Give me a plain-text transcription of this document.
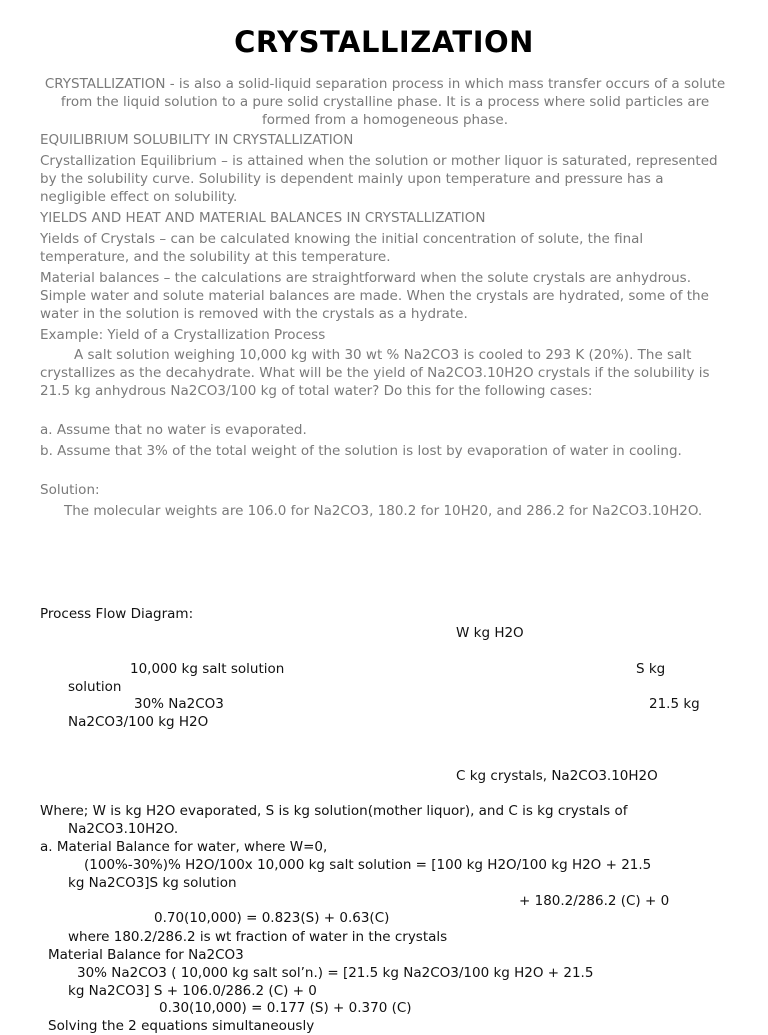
CRYSTALLIZATION

CRYSTALLIZATION - is also a solid-liquid separation process in which mass transfer occurs of a solute from the liquid solution to a pure solid crystalline phase. It is a process where solid particles are formed from a homogeneous phase.

EQUILIBRIUM SOLUBILITY IN CRYSTALLIZATION

Crystallization Equilibrium – is attained when the solution or mother liquor is saturated, represented by the solubility curve. Solubility is dependent mainly upon temperature and pressure has a negligible effect on solubility.

YIELDS AND HEAT AND MATERIAL BALANCES IN CRYSTALLIZATION

Yields of Crystals – can be calculated knowing the initial concentration of solute, the final temperature, and the solubility at this temperature.

Material balances – the calculations are straightforward when the solute crystals are anhydrous. Simple water and solute material balances are made. When the crystals are hydrated, some of the water in the solution is removed with the crystals as a hydrate.

Example: Yield of a Crystallization Process

A salt solution weighing 10,000 kg with 30 wt % Na2CO3 is cooled to 293 K (20%). The salt crystallizes as the decahydrate. What will be the yield of Na2CO3.10H2O crystals if the solubility is 21.5 kg anhydrous Na2CO3/100 kg of total water? Do this for the following cases:

a. Assume that no water is evaporated.

b. Assume that 3% of the total weight of the solution is lost by evaporation of water in cooling.

Solution:

The molecular weights are 106.0 for Na2CO3, 180.2 for 10H20, and 286.2 for Na2CO3.10H2O.

Process Flow Diagram:

W kg H2O

10,000 kg salt solution	S kg

solution

30% Na2CO3	21.5 kg

Na2CO3/100 kg H2O

C kg crystals, Na2CO3.10H2O

Where; W is kg H2O evaporated, S is kg solution(mother liquor), and C is kg crystals of Na2CO3.10H2O.

a. Material Balance for water, where W=0,

(100%-30%)% H2O/100x 10,000 kg salt solution = [100 kg H2O/100 kg H2O + 21.5

kg Na2CO3]S kg solution

+ 180.2/286.2 (C) + 0

0.70(10,000) = 0.823(S) + 0.63(C)

where 180.2/286.2 is wt fraction of water in the crystals

Material Balance for Na2CO3

30% Na2CO3 ( 10,000 kg salt sol’n.) = [21.5 kg Na2CO3/100 kg H2O + 21.5

kg Na2CO3] S + 106.0/286.2 (C) + 0

0.30(10,000) = 0.177 (S) + 0.370 (C)

Solving the 2 equations simultaneously
